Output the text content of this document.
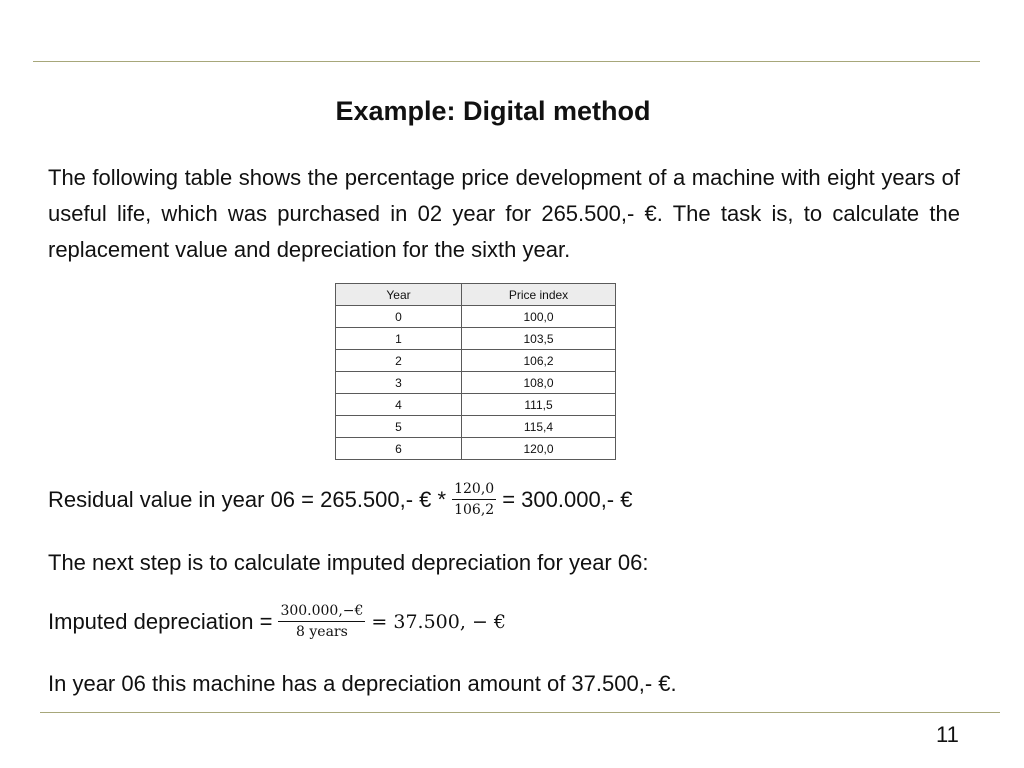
Example: Digital method

The following table shows the percentage price development of a machine with eight years of useful life, which was purchased in 02 year for 265.500,- €. The task is, to calculate the replacement value and depreciation for the sixth year.

Year	Price index
0	100,0
1	103,5
2	106,2
3	108,0
4	111,5
5	115,4
6	120,0
Residual value in year 06 = 265.500,- € * $\frac{120,0}{106,2} = 300.000,-$ €
The next step is to calculate imputed depreciation for year 06:
Imputed depreciation = $\frac{300.000,-€}{\text{8 years}} = 37.500$, − €
In year 06 this machine has a depreciation amount of 37.500,- €.
11
